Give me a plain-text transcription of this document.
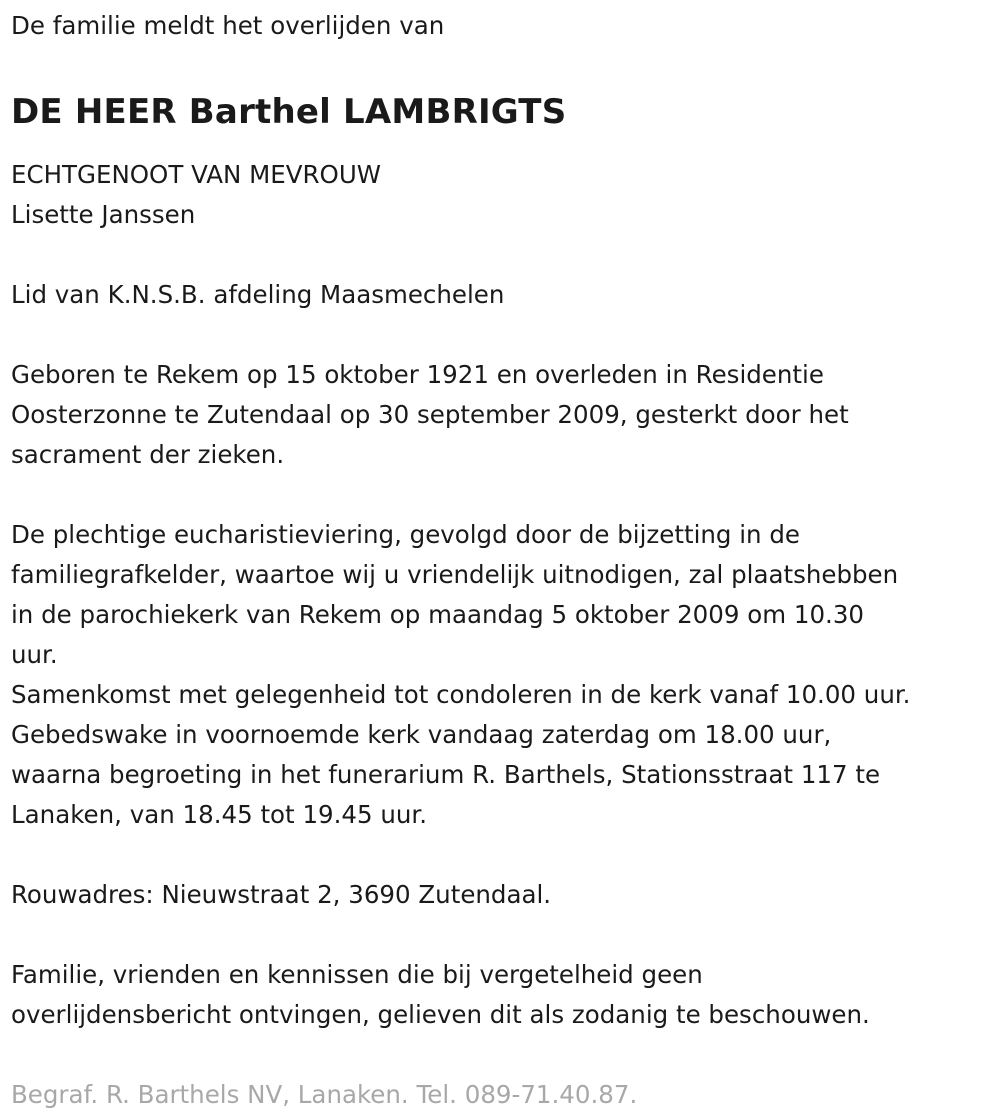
De familie meldt het overlijden van

DE HEER Barthel LAMBRIGTS

ECHTGENOOT VAN MEVROUW

Lisette Janssen

Lid van K.N.S.B. afdeling Maasmechelen

Geboren te Rekem op 15 oktober 1921 en overleden in Residentie

Oosterzonne te Zutendaal op 30 september 2009, gesterkt door het

sacrament der zieken.

De plechtige eucharistieviering, gevolgd door de bijzetting in de

familiegrafkelder, waartoe wij u vriendelijk uitnodigen, zal plaatshebben

in de parochiekerk van Rekem op maandag 5 oktober 2009 om 10.30

uur.

Samenkomst met gelegenheid tot condoleren in de kerk vanaf 10.00 uur.

Gebedswake in voornoemde kerk vandaag zaterdag om 18.00 uur,

waarna begroeting in het funerarium R. Barthels, Stationsstraat 117 te

Lanaken, van 18.45 tot 19.45 uur.

Rouwadres: Nieuwstraat 2, 3690 Zutendaal.

Familie, vrienden en kennissen die bij vergetelheid geen

overlijdensbericht ontvingen, gelieven dit als zodanig te beschouwen.

Begraf. R. Barthels NV, Lanaken. Tel. 089-71.40.87.
